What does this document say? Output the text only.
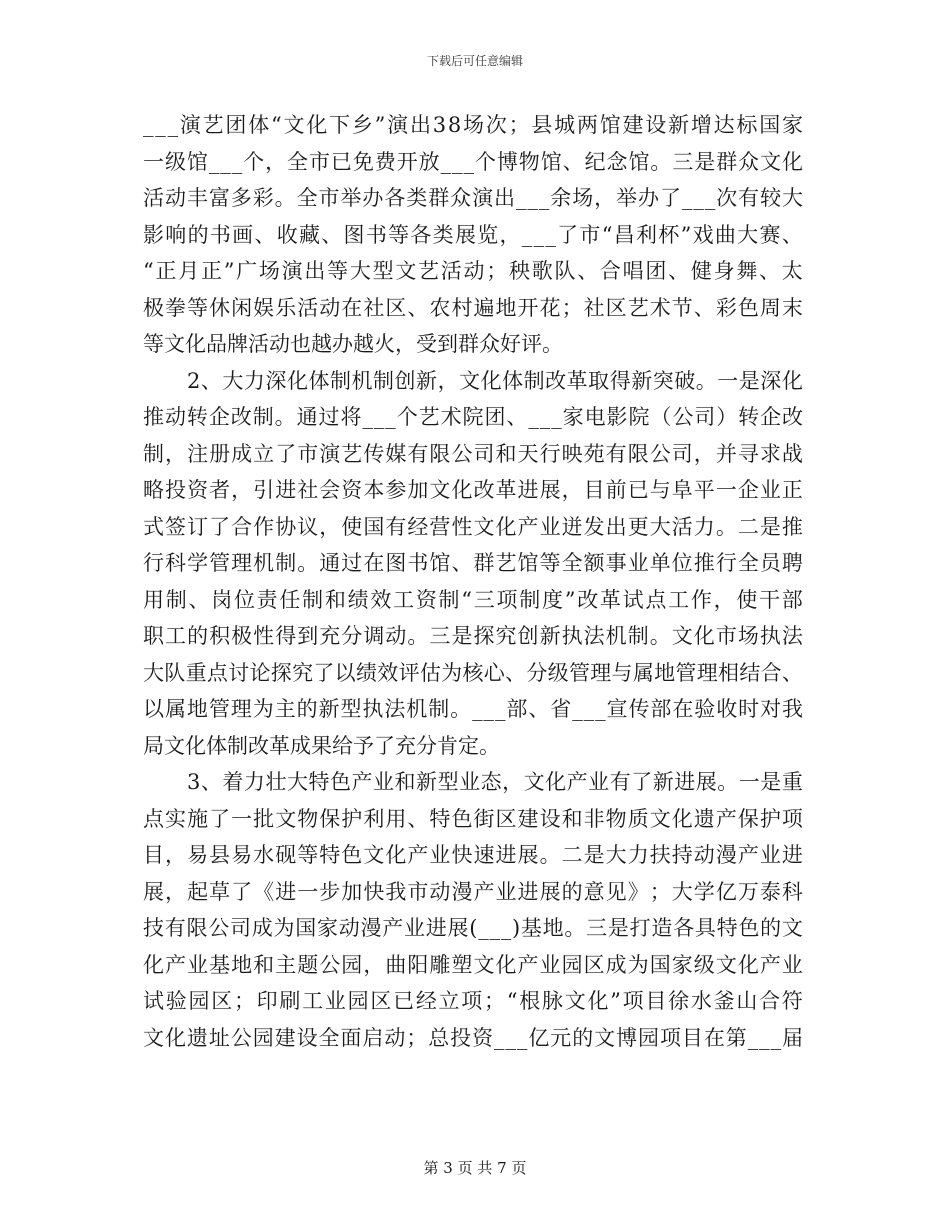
下载后可任意编辑
_ _ _ 演 艺 团 体 “ 文 化 下 乡 ” 演 出 3 8 场 次 ； 县 城 两 馆 建 设 新 增 达 标 国 家
一 级 馆 _ _ _ 个 ， 全 市 已 免 费 开 放 _ _ _ 个 博 物 馆 、 纪 念 馆 。 三 是 群 众 文 化
活 动 丰 富 多 彩 。 全 市 举 办 各 类 群 众 演 出 _ _ _ 余 场 ， 举 办 了 _ _ _ 次 有 较 大
影 响 的 书 画 、 收 藏 、 图 书 等 各 类 展 览 ， _ _ _ 了 市 “ 昌 利 杯 ” 戏 曲 大 赛 、
“ 正 月 正 ” 广 场 演 出 等 大 型 文 艺 活 动 ； 秧 歌 队 、 合 唱 团 、 健 身 舞 、 太
极 拳 等 休 闲 娱 乐 活 动 在 社 区 、 农 村 遍 地 开 花 ； 社 区 艺 术 节 、 彩 色 周 末
等文化品牌活动也越办越火，受到群众好评。
2 、 大 力 深 化 体 制 机 制 创 新 ， 文 化 体 制 改 革 取 得 新 突 破 。 一 是 深 化
推 动 转 企 改 制 。 通 过 将 _ _ _ 个 艺 术 院 团 、 _ _ _ 家 电 影 院 （ 公 司 ） 转 企 改
制 ， 注 册 成 立 了 市 演 艺 传 媒 有 限 公 司 和 天 行 映 苑 有 限 公 司 ， 并 寻 求 战
略 投 资 者 ， 引 进 社 会 资 本 参 加 文 化 改 革 进 展 ， 目 前 已 与 阜 平 一 企 业 正
式 签 订 了 合 作 协 议 ， 使 国 有 经 营 性 文 化 产 业 迸 发 出 更 大 活 力 。 二 是 推
行 科 学 管 理 机 制 。 通 过 在 图 书 馆 、 群 艺 馆 等 全 额 事 业 单 位 推 行 全 员 聘
用 制 、 岗 位 责 任 制 和 绩 效 工 资 制 “ 三 项 制 度 ” 改 革 试 点 工 作 ， 使 干 部
职 工 的 积 极 性 得 到 充 分 调 动 。 三 是 探 究 创 新 执 法 机 制 。 文 化 市 场 执 法
大 队 重 点 讨 论 探 究 了 以 绩 效 评 估 为 核 心 、 分 级 管 理 与 属 地 管 理 相 结 合 、
以 属 地 管 理 为 主 的 新 型 执 法 机 制 。 _ _ _ 部 、 省 _ _ _ 宣 传 部 在 验 收 时 对 我
局文化体制改革成果给予了充分肯定。
3 、 着 力 壮 大 特 色 产 业 和 新 型 业 态 ， 文 化 产 业 有 了 新 进 展 。 一 是 重
点 实 施 了 一 批 文 物 保 护 利 用 、 特 色 街 区 建 设 和 非 物 质 文 化 遗 产 保 护 项
目 ， 易 县 易 水 砚 等 特 色 文 化 产 业 快 速 进 展 。 二 是 大 力 扶 持 动 漫 产 业 进
展 ， 起 草 了 《 进 一 步 加 快 我 市 动 漫 产 业 进 展 的 意 见 》 ； 大 学 亿 万 泰 科
技 有 限 公 司 成 为 国 家 动 漫 产 业 进 展 ( _ _ _ ) 基 地 。 三 是 打 造 各 具 特 色 的 文
化 产 业 基 地 和 主 题 公 园 ， 曲 阳 雕 塑 文 化 产 业 园 区 成 为 国 家 级 文 化 产 业
试 验 园 区 ； 印 刷 工 业 园 区 已 经 立 项 ； “ 根 脉 文 化 ” 项 目 徐 水 釜 山 合 符
文 化 遗 址 公 园 建 设 全 面 启 动 ； 总 投 资 _ _ _ 亿 元 的 文 博 园 项 目 在 第 _ _ _ 届
第 3 页 共 7 页
